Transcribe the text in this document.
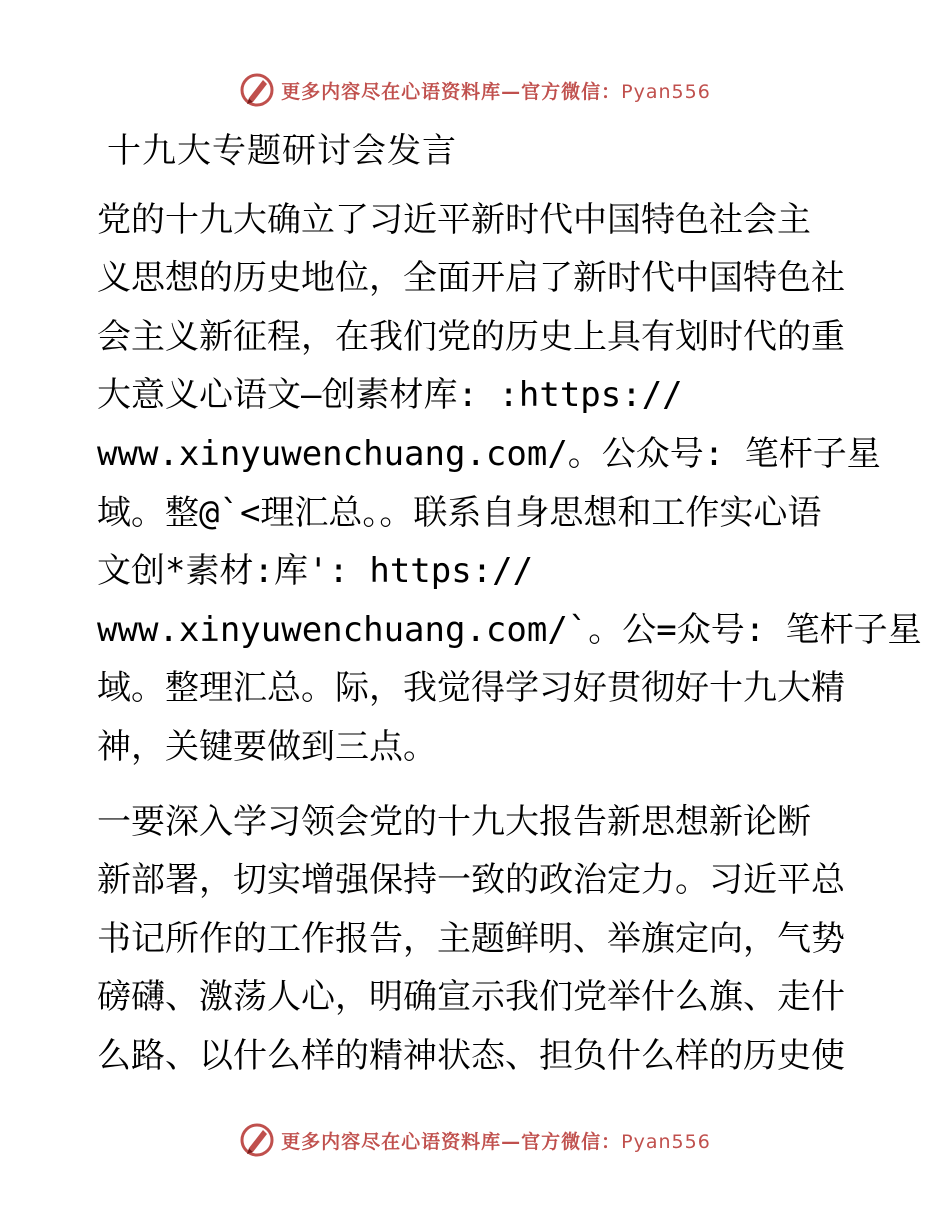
更多内容尽在心语资料库—官方微信：Pyan556
十九大专题研讨会发言

党的十九大确立了习近平新时代中国特色社会主
义思想的历史地位，全面开启了新时代中国特色社
会主义新征程，在我们党的历史上具有划时代的重
大意义心语文—创素材库: :https://
www.xinyuwenchuang.com/。公众号: 笔杆子星
域。整@`<理汇总。。联系自身思想和工作实心语
文创*素材:库': https://
www.xinyuwenchuang.com/`。公=众号: 笔杆子星
域。整理汇总。际，我觉得学习好贯彻好十九大精
神，关键要做到三点。

一要深入学习领会党的十九大报告新思想新论断
新部署，切实增强保持一致的政治定力。习近平总
书记所作的工作报告，主题鲜明、举旗定向，气势
磅礴、激荡人心，明确宣示我们党举什么旗、走什
么路、以什么样的精神状态、担负什么样的历史使

更多内容尽在心语资料库—官方微信：Pyan556
